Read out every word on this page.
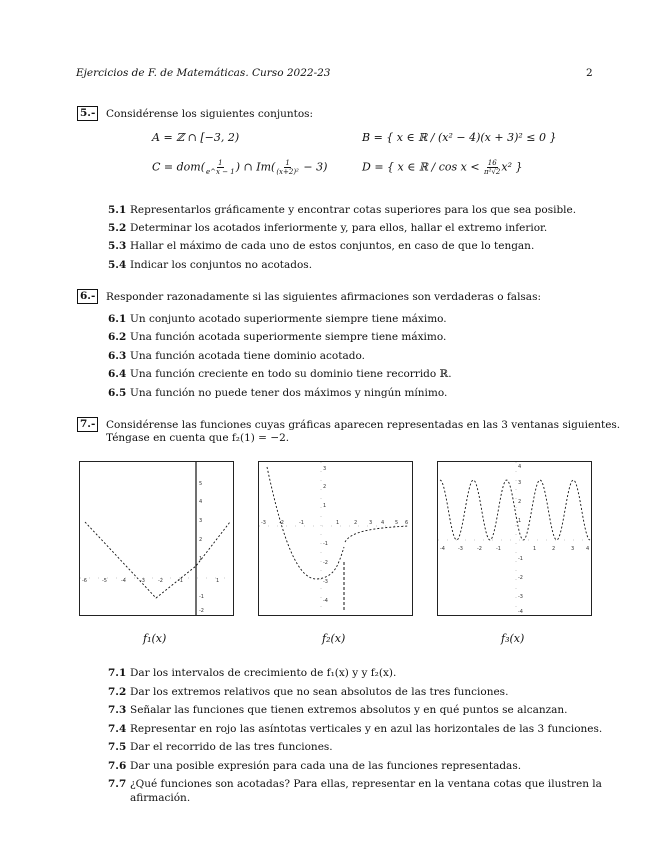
Ejercicios de F. de Matemáticas. Curso 2022-23	2
5.- Considérense los siguientes conjuntos:
A = ℤ ∩ [−3, 2)	B = { x ∈ ℝ / (x² − 4)(x + 3)² ≤ 0 }
$C = dom( \frac{1}{e\^{}x - 1}$ ) ∩ $Im( \frac{1}{\text{(x+2)²}} - 3)$	D = { x ∈ ℝ / $\cos x < \frac{16}{\text{π²√2}} x^2$ }
5.1 Representarlos gráficamente y encontrar cotas superiores para los que sea posible.
5.2 Determinar los acotados inferiormente y, para ellos, hallar el extremo inferior.
5.3 Hallar el máximo de cada uno de estos conjuntos, en caso de que lo tengan.
5.4 Indicar los conjuntos no acotados.
6.- Responder razonadamente si las siguientes afirmaciones son verdaderas o falsas:
6.1 Un conjunto acotado superiormente siempre tiene máximo.
6.2 Una función acotada superiormente siempre tiene máximo.
6.3 Una función acotada tiene dominio acotado.
6.4 Una función creciente en todo su dominio tiene recorrido ℝ.
6.5 Una función no puede tener dos máximos y ningún mínimo.
7.- Considérense las funciones cuyas gráficas aparecen representadas en las 3 ventanas siguientes.
Téngase en cuenta que f₂(1) = −2.
-6	-5	-4	-3	-2	-1	1
5
4
3
2
1
-1
-2
-3	-2	-1	1	2 3 4 5 6
3
2
1
-1
-2
-3
-4
-4	-3	-2	-1	1	2	3 4
4
3
2
1
-1
-2
-3
-4
f₁(x)	f₂(x)	f₃(x)
7.1 Dar los intervalos de crecimiento de f₁(x) y y f₂(x).
7.2 Dar los extremos relativos que no sean absolutos de las tres funciones.
7.3 Señalar las funciones que tienen extremos absolutos y en qué puntos se alcanzan.
7.4 Representar en rojo las asíntotas verticales y en azul las horizontales de las 3 funciones.
7.5 Dar el recorrido de las tres funciones.
7.6 Dar una posible expresión para cada una de las funciones representadas.
7.7 ¿Qué funciones son acotadas? Para ellas, representar en la ventana cotas que ilustren la
afirmación.
